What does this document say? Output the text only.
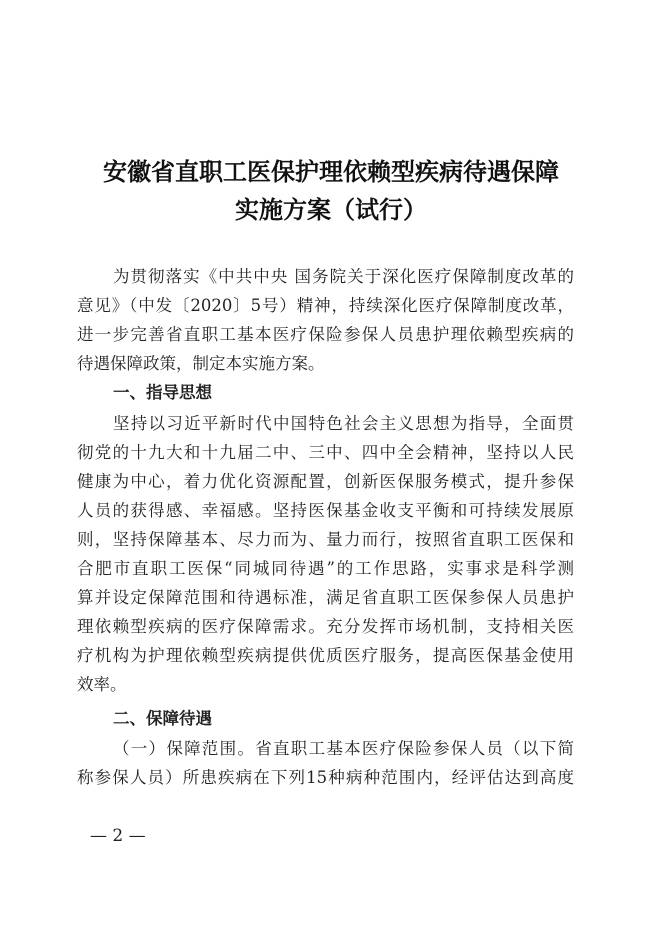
安徽省直职工医保护理依赖型疾病待遇保障
实施方案（试行）
为贯彻落实《中共中央 国务院关于深化医疗保障制度改革的
意见》（中发〔2020〕5号）精神，持续深化医疗保障制度改革，
进一步完善省直职工基本医疗保险参保人员患护理依赖型疾病的
待遇保障政策，制定本实施方案。
一、指导思想
坚持以习近平新时代中国特色社会主义思想为指导，全面贯
彻党的十九大和十九届二中、三中、四中全会精神，坚持以人民
健康为中心，着力优化资源配置，创新医保服务模式，提升参保
人员的获得感、幸福感。坚持医保基金收支平衡和可持续发展原
则，坚持保障基本、尽力而为、量力而行，按照省直职工医保和
合肥市直职工医保“同城同待遇”的工作思路，实事求是科学测
算并设定保障范围和待遇标准，满足省直职工医保参保人员患护
理依赖型疾病的医疗保障需求。充分发挥市场机制，支持相关医
疗机构为护理依赖型疾病提供优质医疗服务，提高医保基金使用
效率。
二、保障待遇
（一）保障范围。省直职工基本医疗保险参保人员（以下简
称参保人员）所患疾病在下列15种病种范围内，经评估达到高度
— 2 —
